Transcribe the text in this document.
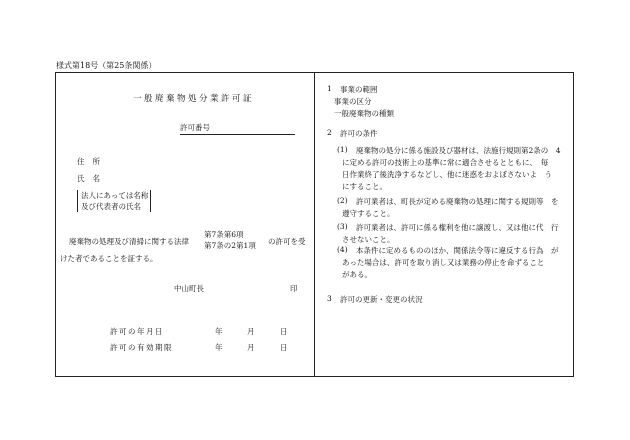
様式第18号（第25条関係）
一般廃棄物処分業許可証
許可番号
住所
氏名
法人にあっては名称
及び代表者の氏名
廃棄物の処理及び清掃に関する法律
第7条第6項
第7条の2第1項 の許可を受
けた者であることを証する。
中山町長	印
許可の年月日	年	月	日
許可の有効期限	年	月	日
1 事業の範囲
事業の区分
一般廃棄物の種類
2 許可の条件
(1) 廃棄物の処分に係る施設及び器材は、法施行規則第2条の　4
に定める許可の技術上の基準に常に適合させるとともに、　毎
日作業終了後洗浄するなどし、他に迷惑をおよぼさないよ　う
にすること。
(2) 許可業者は、町長が定める廃棄物の処理に関する規則等　を
遵守すること。
(3) 許可業者は、許可に係る権利を他に譲渡し、又は他に代　行
させないこと。
(4) 本条件に定めるもののほか、関係法令等に違反する行為　が
あった場合は、許可を取り消し又は業務の停止を命ずること
がある。
3 許可の更新・変更の状況
